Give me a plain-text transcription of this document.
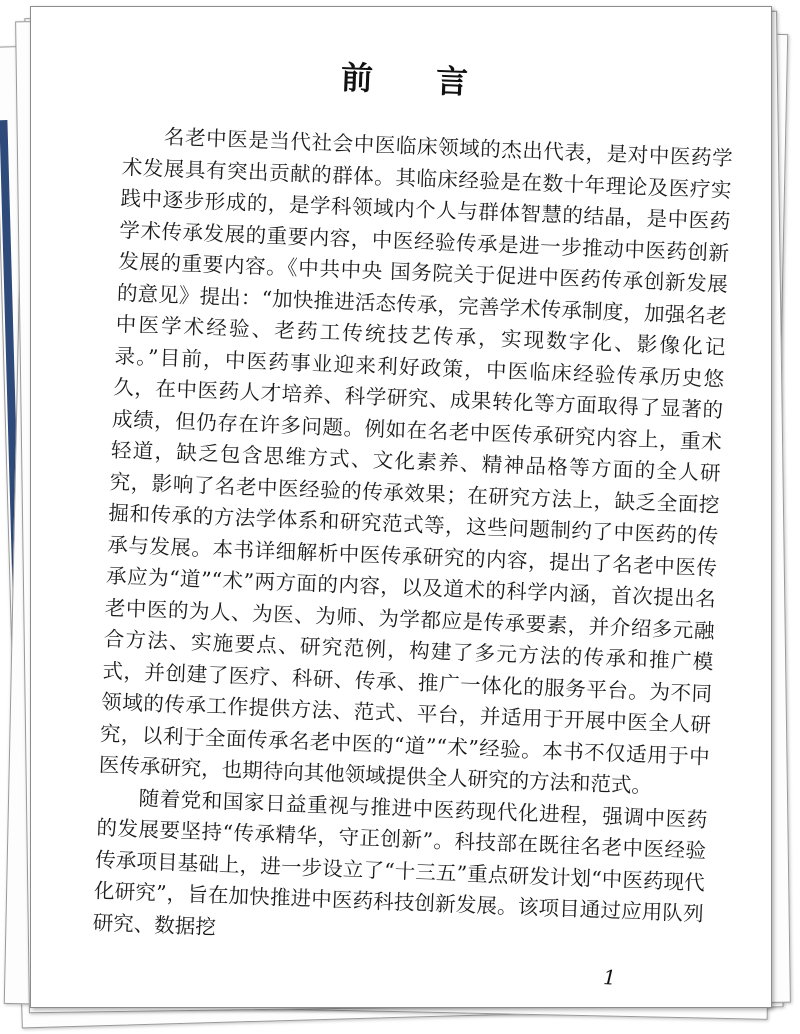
前 言

名老中医是当代社会中医临床领域的杰出代表，是对中医药学术发展具有突出贡献的群体。其临床经验是在数十年理论及医疗实践中逐步形成的，是学科领域内个人与群体智慧的结晶，是中医药学术传承发展的重要内容，中医经验传承是进一步推动中医药创新发展的重要内容。《中共中央 国务院关于促进中医药传承创新发展的意见》提出：“加快推进活态传承，完善学术传承制度，加强名老中医学术经验、老药工传统技艺传承，实现数字化、影像化记录。”目前，中医药事业迎来利好政策，中医临床经验传承历史悠久，在中医药人才培养、科学研究、成果转化等方面取得了显著的成绩，但仍存在许多问题。例如在名老中医传承研究内容上，重术轻道，缺乏包含思维方式、文化素养、精神品格等方面的全人研究，影响了名老中医经验的传承效果；在研究方法上，缺乏全面挖掘和传承的方法学体系和研究范式等，这些问题制约了中医药的传承与发展。本书详细解析中医传承研究的内容，提出了名老中医传承应为“道”“术”两方面的内容，以及道术的科学内涵，首次提出名老中医的为人、为医、为师、为学都应是传承要素，并介绍多元融合方法、实施要点、研究范例，构建了多元方法的传承和推广模式，并创建了医疗、科研、传承、推广一体化的服务平台。为不同领域的传承工作提供方法、范式、平台，并适用于开展中医全人研究，以利于全面传承名老中医的“道”“术”经验。本书不仅适用于中医传承研究，也期待向其他领域提供全人研究的方法和范式。

随着党和国家日益重视与推进中医药现代化进程，强调中医药的发展要坚持“传承精华，守正创新”。科技部在既往名老中医经验传承项目基础上，进一步设立了“十三五”重点研发计划“中医药现代化研究”，旨在加快推进中医药科技创新发展。该项目通过应用队列研究、数据挖

1
